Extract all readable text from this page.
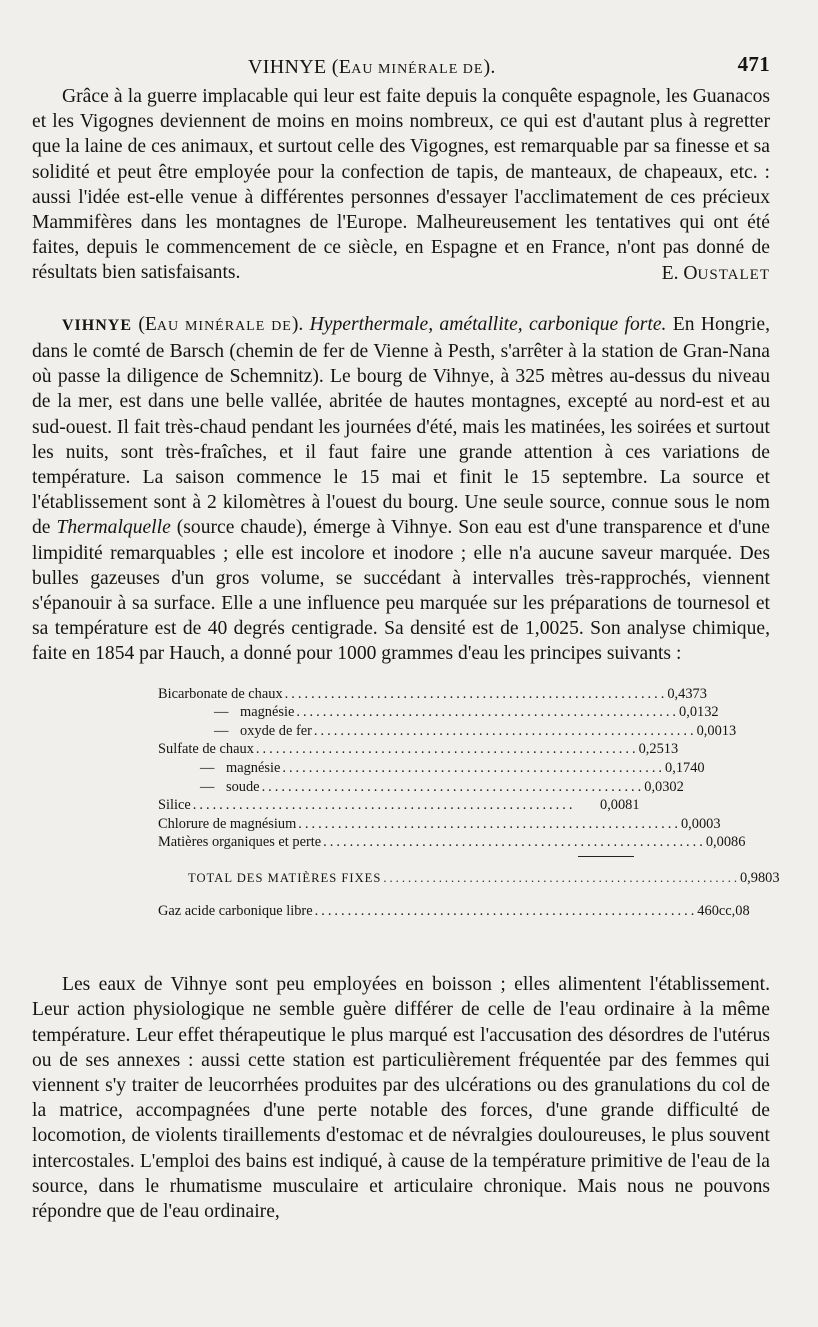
VIHNYE (EAU MINÉRALE DE).	471

Grâce à la guerre implacable qui leur est faite depuis la conquête espagnole, les Guanacos et les Vigognes deviennent de moins en moins nombreux, ce qui est d'autant plus à regretter que la laine de ces animaux, et surtout celle des Vigognes, est remarquable par sa finesse et sa solidité et peut être employée pour la confection de tapis, de manteaux, de chapeaux, etc. : aussi l'idée est-elle venue à différentes personnes d'essayer l'acclimatement de ces précieux Mammifères dans les montagnes de l'Europe. Malheureusement les tentatives qui ont été faites, depuis le commencement de ce siècle, en Espagne et en France, n'ont pas donné de résultats bien satisfaisants.	E. OUSTALET

VIHNYE (EAU MINÉRALE DE). Hyperthermale, amétallite, carbonique forte. En Hongrie, dans le comté de Barsch (chemin de fer de Vienne à Pesth, s'arrêter à la station de Gran-Nana où passe la diligence de Schemnitz). Le bourg de Vihnye, à 325 mètres au-dessus du niveau de la mer, est dans une belle vallée, abritée de hautes montagnes, excepté au nord-est et au sud-ouest. Il fait très-chaud pendant les journées d'été, mais les matinées, les soirées et surtout les nuits, sont très-fraîches, et il faut faire une grande attention à ces variations de température. La saison commence le 15 mai et finit le 15 septembre. La source et l'établissement sont à 2 kilomètres à l'ouest du bourg. Une seule source, connue sous le nom de Thermalquelle (source chaude), émerge à Vihnye. Son eau est d'une transparence et d'une limpidité remarquables ; elle est incolore et inodore ; elle n'a aucune saveur marquée. Des bulles gazeuses d'un gros volume, se succédant à intervalles très-rapprochés, viennent s'épanouir à sa surface. Elle a une influence peu marquée sur les préparations de tournesol et sa température est de 40 degrés centigrade. Sa densité est de 1,0025. Son analyse chimique, faite en 1854 par Hauch, a donné pour 1000 grammes d'eau les principes suivants :

Bicarbonate de chaux .......................................................... 0,4373
— magnésie .......................................................... 0,0132
— oxyde de fer .......................................................... 0,0013
Sulfate de chaux .......................................................... 0,2513
— magnésie .......................................................... 0,1740
— soude .......................................................... 0,0302
Silice ..........................................................	0,0081
Chlorure de magnésium .......................................................... 0,0003
Matières organiques et perte .......................................................... 0,0086
TOTAL DES MATIÈRES FIXES .......................................................... 0,9803
Gaz acide carbonique libre .......................................................... 460cc,08

Les eaux de Vihnye sont peu employées en boisson ; elles alimentent l'établissement. Leur action physiologique ne semble guère différer de celle de l'eau ordinaire à la même température. Leur effet thérapeutique le plus marqué est l'accusation des désordres de l'utérus ou de ses annexes : aussi cette station est particulièrement fréquentée par des femmes qui viennent s'y traiter de leucorrhées produites par des ulcérations ou des granulations du col de la matrice, accompagnées d'une perte notable des forces, d'une grande difficulté de locomotion, de violents tiraillements d'estomac et de névralgies douloureuses, le plus souvent intercostales. L'emploi des bains est indiqué, à cause de la température primitive de l'eau de la source, dans le rhumatisme musculaire et articulaire chronique. Mais nous ne pouvons répondre que de l'eau ordinaire,
